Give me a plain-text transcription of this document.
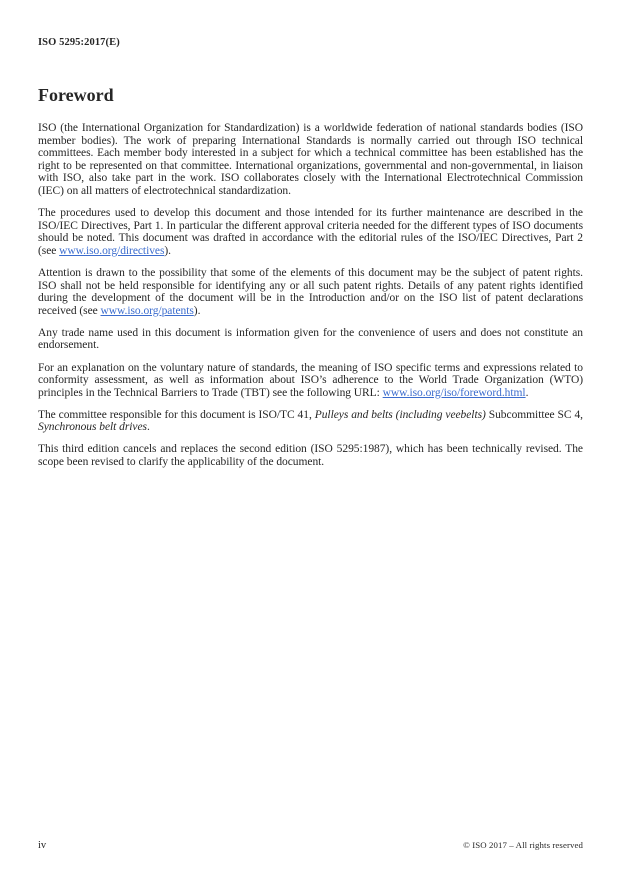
ISO 5295:2017(E)
Foreword

ISO (the International Organization for Standardization) is a worldwide federation of national standards bodies (ISO member bodies). The work of preparing International Standards is normally carried out through ISO technical committees. Each member body interested in a subject for which a technical committee has been established has the right to be represented on that committee. International organizations, governmental and non-governmental, in liaison with ISO, also take part in the work. ISO collaborates closely with the International Electrotechnical Commission (IEC) on all matters of electrotechnical standardization.

The procedures used to develop this document and those intended for its further maintenance are described in the ISO/IEC Directives, Part 1. In particular the different approval criteria needed for the different types of ISO documents should be noted. This document was drafted in accordance with the editorial rules of the ISO/IEC Directives, Part 2 (see www.iso.org/directives).

Attention is drawn to the possibility that some of the elements of this document may be the subject of patent rights. ISO shall not be held responsible for identifying any or all such patent rights. Details of any patent rights identified during the development of the document will be in the Introduction and/or on the ISO list of patent declarations received (see www.iso.org/patents).

Any trade name used in this document is information given for the convenience of users and does not constitute an endorsement.

For an explanation on the voluntary nature of standards, the meaning of ISO specific terms and expressions related to conformity assessment, as well as information about ISO’s adherence to the World Trade Organization (WTO) principles in the Technical Barriers to Trade (TBT) see the following URL: www.iso.org/iso/foreword.html.

The committee responsible for this document is ISO/TC 41, Pulleys and belts (including veebelts) Subcommittee SC 4, Synchronous belt drives.

This third edition cancels and replaces the second edition (ISO 5295:1987), which has been technically revised. The scope been revised to clarify the applicability of the document.

iv	© ISO 2017 – All rights reserved
